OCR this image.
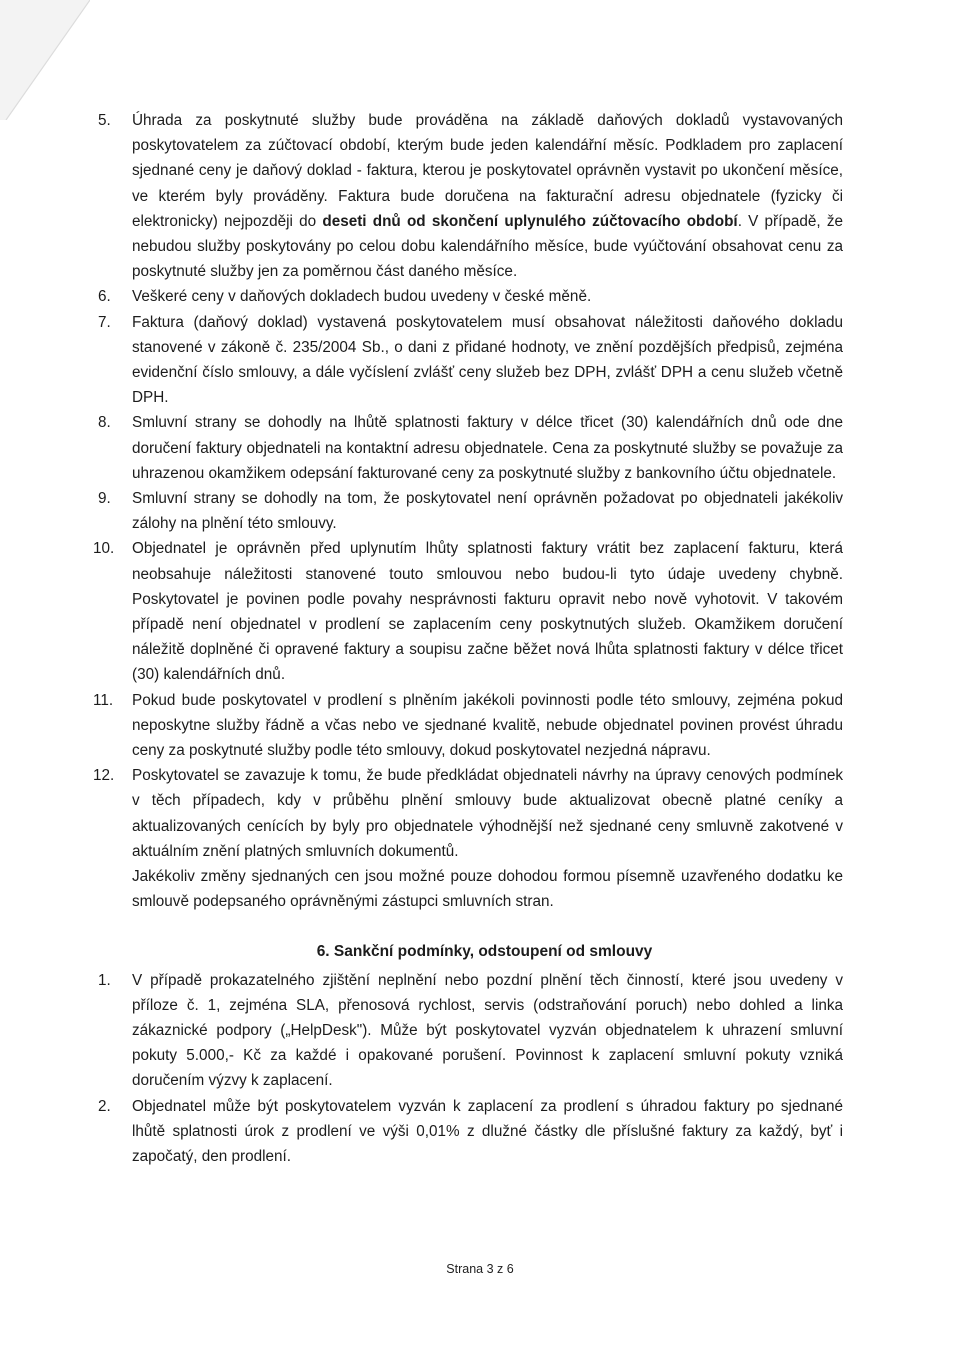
5.	Úhrada za poskytnuté služby bude prováděna na základě daňových dokladů vystavovaných poskytovatelem za zúčtovací období, kterým bude jeden kalendářní měsíc. Podkladem pro zaplacení sjednané ceny je daňový doklad - faktura, kterou je poskytovatel oprávněn vystavit po ukončení měsíce, ve kterém byly prováděny. Faktura bude doručena na fakturační adresu objednatele (fyzicky či elektronicky) nejpozději do deseti dnů od skončení uplynulého zúčtovacího období. V případě, že nebudou služby poskytovány po celou dobu kalendářního měsíce, bude vyúčtování obsahovat cenu za poskytnuté služby jen za poměrnou část daného měsíce.
6.	Veškeré ceny v daňových dokladech budou uvedeny v české měně.
7.	Faktura (daňový doklad) vystavená poskytovatelem musí obsahovat náležitosti daňového dokladu stanovené v zákoně č. 235/2004 Sb., o dani z přidané hodnoty, ve znění pozdějších předpisů, zejména evidenční číslo smlouvy, a dále vyčíslení zvlášť ceny služeb bez DPH, zvlášť DPH a cenu služeb včetně DPH.
8.	Smluvní strany se dohodly na lhůtě splatnosti faktury v délce třicet (30) kalendářních dnů ode dne doručení faktury objednateli na kontaktní adresu objednatele. Cena za poskytnuté služby se považuje za uhrazenou okamžikem odepsání fakturované ceny za poskytnuté služby z bankovního účtu objednatele.
9.	Smluvní strany se dohodly na tom, že poskytovatel není oprávněn požadovat po objednateli jakékoliv zálohy na plnění této smlouvy.
10.	Objednatel je oprávněn před uplynutím lhůty splatnosti faktury vrátit bez zaplacení fakturu, která neobsahuje náležitosti stanovené touto smlouvou nebo budou-li tyto údaje uvedeny chybně. Poskytovatel je povinen podle povahy nesprávnosti fakturu opravit nebo nově vyhotovit. V takovém případě není objednatel v prodlení se zaplacením ceny poskytnutých služeb. Okamžikem doručení náležitě doplněné či opravené faktury a soupisu začne běžet nová lhůta splatnosti faktury v délce třicet (30) kalendářních dnů.
11.	Pokud bude poskytovatel v prodlení s plněním jakékoli povinnosti podle této smlouvy, zejména pokud neposkytne služby řádně a včas nebo ve sjednané kvalitě, nebude objednatel povinen provést úhradu ceny za poskytnuté služby podle této smlouvy, dokud poskytovatel nezjedná nápravu.
12.	Poskytovatel se zavazuje k tomu, že bude předkládat objednateli návrhy na úpravy cenových podmínek v těch případech, kdy v průběhu plnění smlouvy bude aktualizovat obecně platné ceníky a aktualizovaných cenících by byly pro objednatele výhodnější než sjednané ceny smluvně zakotvené v aktuálním znění platných smluvních dokumentů.
Jakékoliv změny sjednaných cen jsou možné pouze dohodou formou písemně uzavřeného dodatku ke smlouvě podepsaného oprávněnými zástupci smluvních stran.
6. Sankční podmínky, odstoupení od smlouvy
1.	V případě prokazatelného zjištění neplnění nebo pozdní plnění těch činností, které jsou uvedeny v příloze č. 1, zejména SLA, přenosová rychlost, servis (odstraňování poruch) nebo dohled a linka zákaznické podpory („HelpDesk"). Může být poskytovatel vyzván objednatelem k uhrazení smluvní pokuty 5.000,- Kč za každé i opakované porušení. Povinnost k zaplacení smluvní pokuty vzniká doručením výzvy k zaplacení.
2.	Objednatel může být poskytovatelem vyzván k zaplacení za prodlení s úhradou faktury po sjednané lhůtě splatnosti úrok z prodlení ve výši 0,01% z dlužné částky dle příslušné faktury za každý, byť i započatý, den prodlení.
Strana 3 z 6
